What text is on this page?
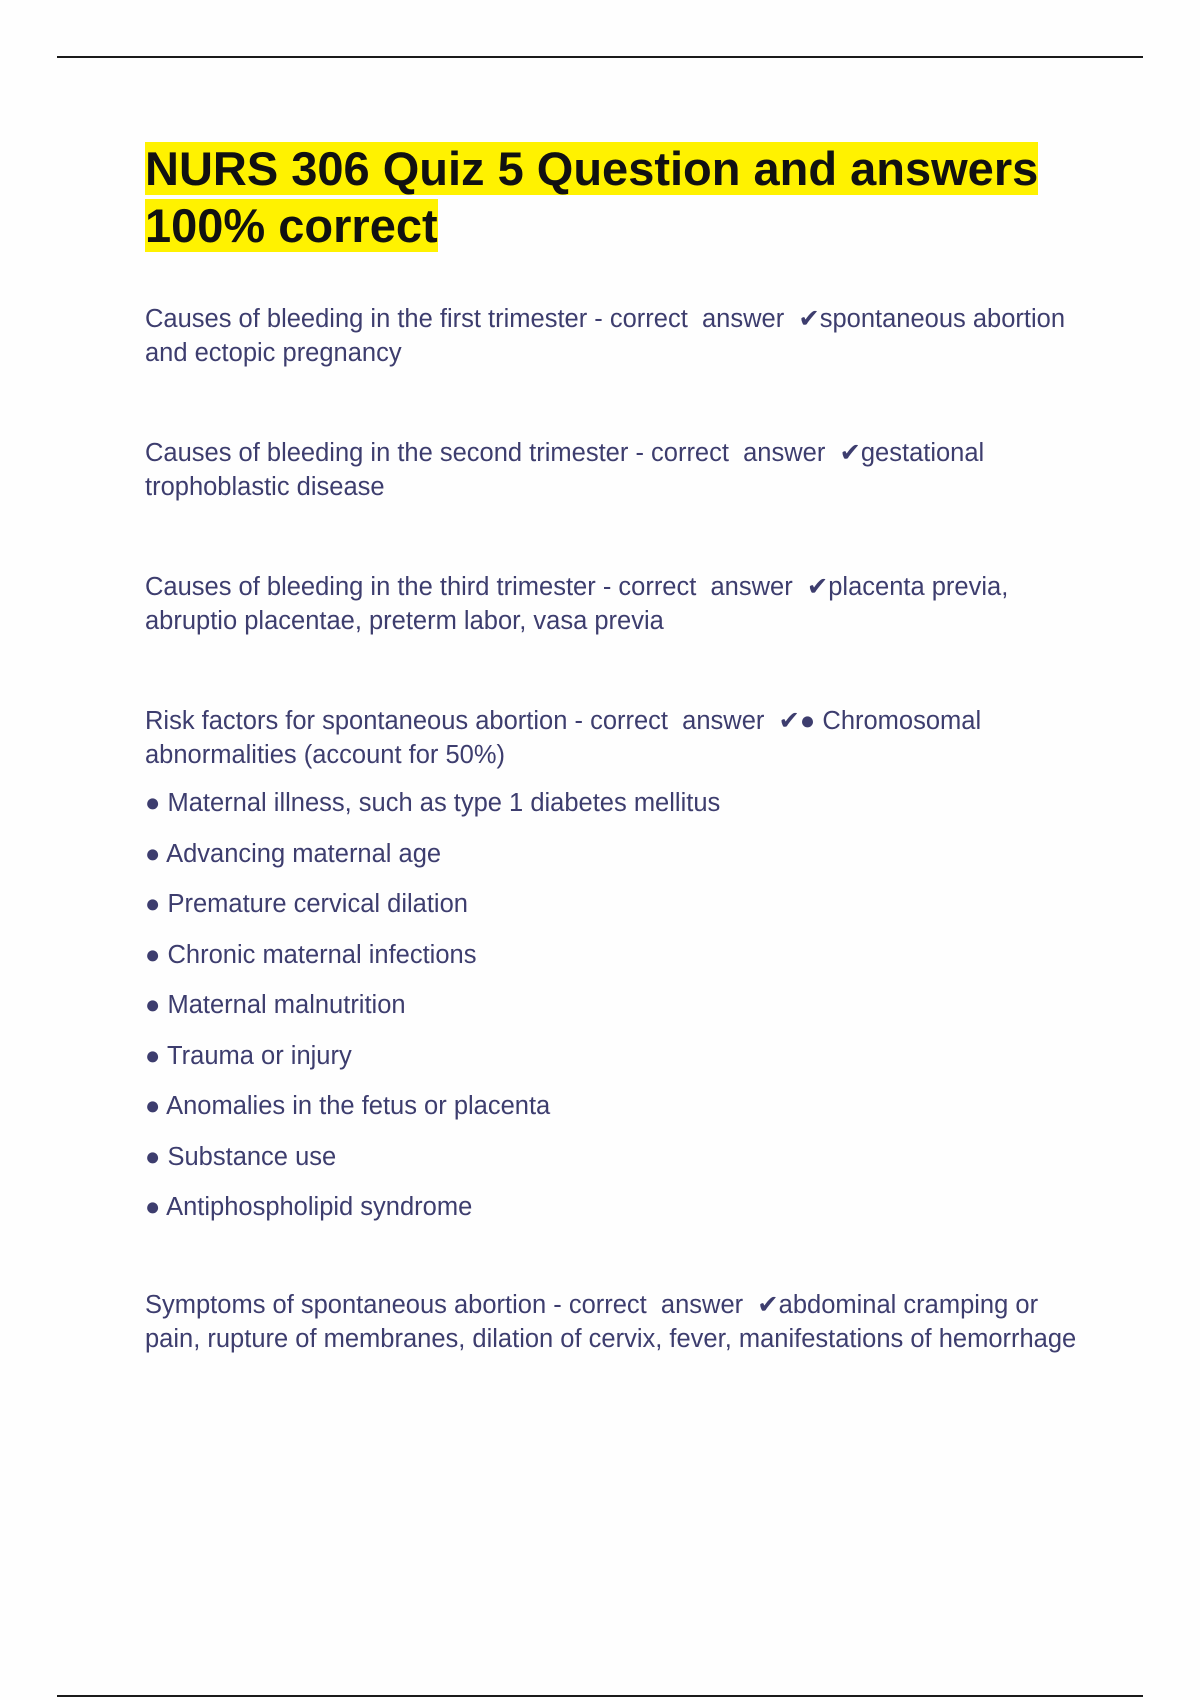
NURS 306 Quiz 5 Question and answers 100% correct

Causes of bleeding in the first trimester - correct  answer  ✔spontaneous abortion and ectopic pregnancy

Causes of bleeding in the second trimester - correct  answer  ✔gestational trophoblastic disease

Causes of bleeding in the third trimester - correct  answer  ✔placenta previa, abruptio placentae, preterm labor, vasa previa

Risk factors for spontaneous abortion - correct  answer  ✔● Chromosomal abnormalities (account for 50%)

● Maternal illness, such as type 1 diabetes mellitus
● Advancing maternal age
● Premature cervical dilation
● Chronic maternal infections
● Maternal malnutrition
● Trauma or injury
● Anomalies in the fetus or placenta
● Substance use
● Antiphospholipid syndrome

Symptoms of spontaneous abortion - correct  answer  ✔abdominal cramping or pain, rupture of membranes, dilation of cervix, fever, manifestations of hemorrhage
